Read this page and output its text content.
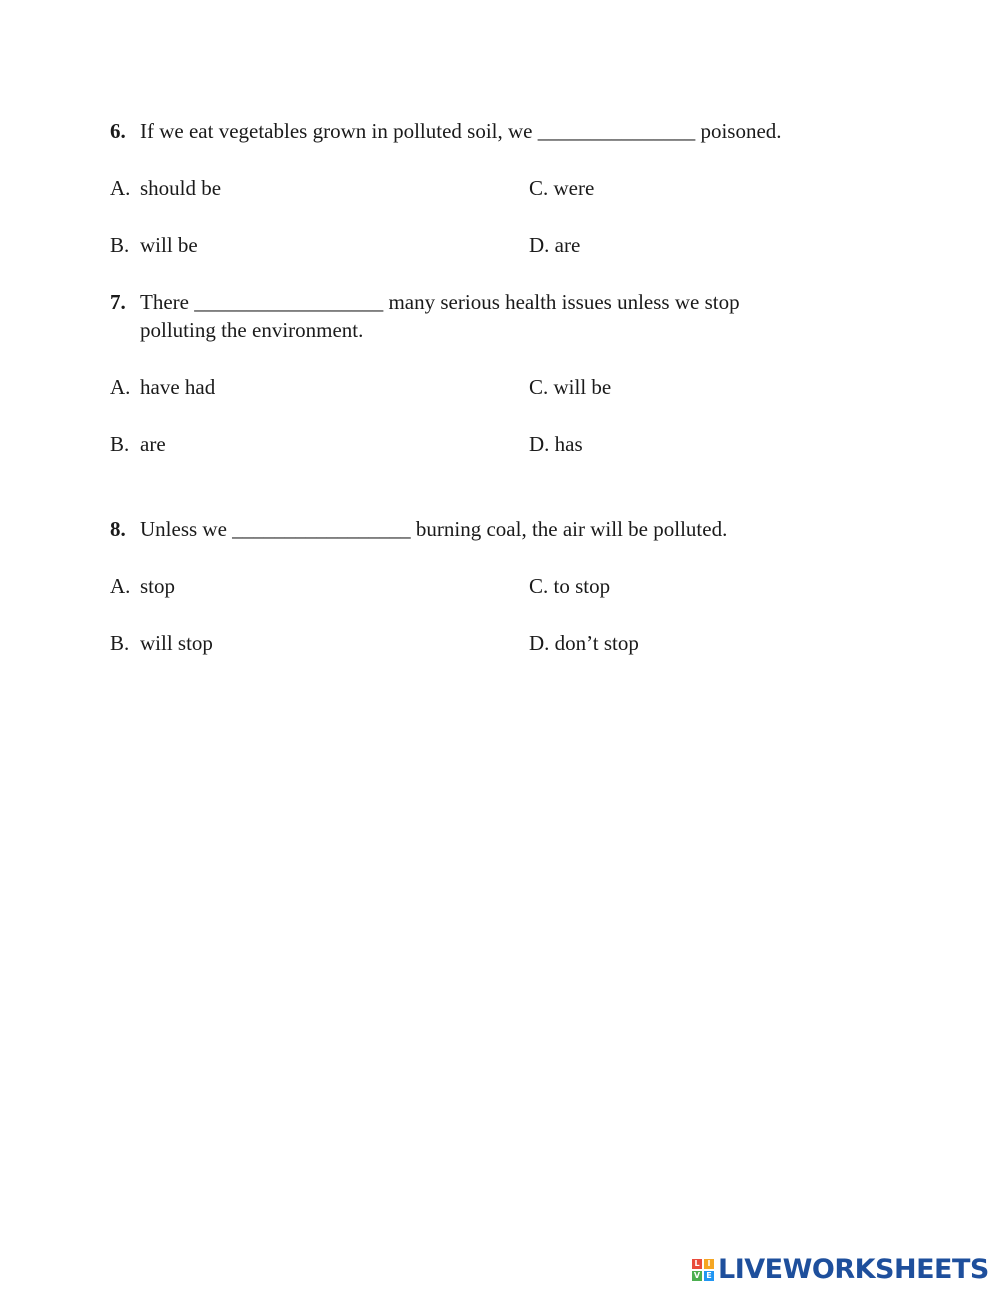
6. If we eat vegetables grown in polluted soil, we _______________ poisoned.
A. should be	C. were
B. will be	D. are
7. There __________________ many serious health issues unless we stop
polluting the environment.
A. have had	C. will be
B. are	D. has
8. Unless we _________________ burning coal, the air will be polluted.
A. stop	C. to stop
B. will stop	D. don’t stop
L I
V E LIVEWORKSHEETS
